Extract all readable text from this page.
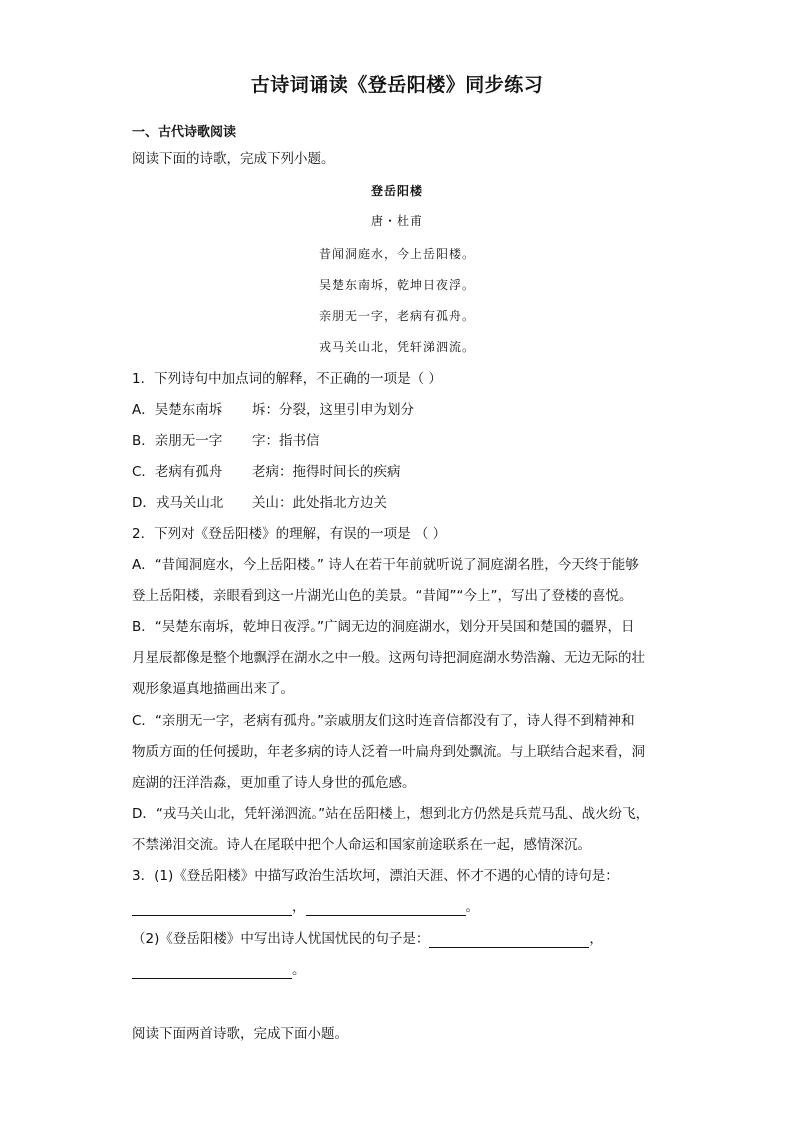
古诗词诵读《登岳阳楼》同步练习
一、古代诗歌阅读
阅读下面的诗歌，完成下列小题。
登岳阳楼
唐・杜甫
昔闻洞庭水，今上岳阳楼。
吴楚东南坼，乾坤日夜浮。
亲朋无一字，老病有孤舟。
戎马关山北，凭轩涕泗流。
1．下列诗句中加点词的解释，不正确的一项是（ ）
A．吴楚东南坼 坼：分裂，这里引申为划分
B．亲朋无一字 字：指书信
C．老病有孤舟 老病：拖得时间长的疾病
D．戎马关山北 关山：此处指北方边关
2．下列对《登岳阳楼》的理解，有误的一项是 （ ）
A．“昔闻洞庭水，今上岳阳楼。” 诗人在若干年前就听说了洞庭湖名胜，今天终于能够
登上岳阳楼，亲眼看到这一片湖光山色的美景。“昔闻”“今上”，写出了登楼的喜悦。
B．“吴楚东南坼，乾坤日夜浮。”广阔无边的洞庭湖水，划分开吴国和楚国的疆界，日
月星辰都像是整个地飘浮在湖水之中一般。这两句诗把洞庭湖水势浩瀚、无边无际的壮
观形象逼真地描画出来了。
C．“亲朋无一字，老病有孤舟。”亲戚朋友们这时连音信都没有了，诗人得不到精神和
物质方面的任何援助，年老多病的诗人泛着一叶扁舟到处飘流。与上联结合起来看，洞
庭湖的汪洋浩淼，更加重了诗人身世的孤危感。
D．“戎马关山北，凭轩涕泗流。”站在岳阳楼上，想到北方仍然是兵荒马乱、战火纷飞，
不禁涕泪交流。诗人在尾联中把个人命运和国家前途联系在一起，感情深沉。
3．(1)《登岳阳楼》中描写政治生活坎坷，漂泊天涯、怀才不遇的心情的诗句是：
，	。
（2)《登岳阳楼》中写出诗人忧国忧民的句子是：	，
。
阅读下面两首诗歌，完成下面小题。
